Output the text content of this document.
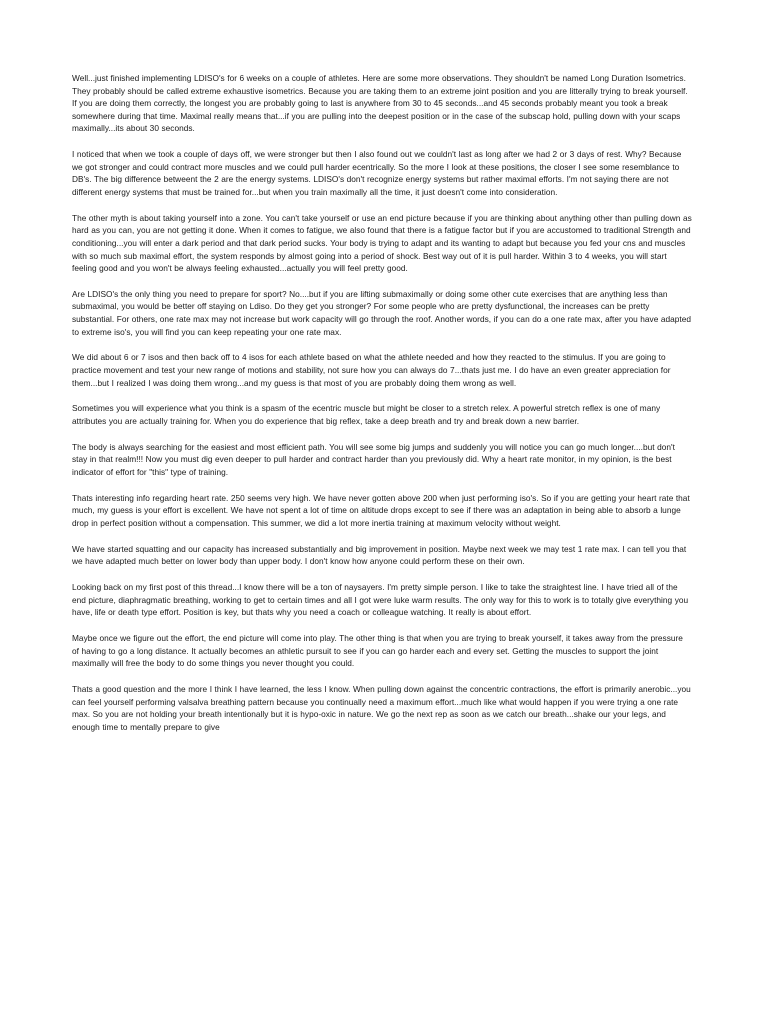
Well...just finished implementing LDISO's for 6 weeks on a couple of athletes. Here are some more observations. They shouldn't be named Long Duration Isometrics. They probably should be called extreme exhaustive isometrics. Because you are taking them to an extreme joint position and you are litterally trying to break yourself. If you are doing them correctly, the longest you are probably going to last is anywhere from 30 to 45 seconds...and 45 seconds probably meant you took a break somewhere during that time. Maximal really means that...if you are pulling into the deepest position or in the case of the subscap hold, pulling down with your scaps maximally...its about 30 seconds.

I noticed that when we took a couple of days off, we were stronger but then I also found out we couldn't last as long after we had 2 or 3 days of rest. Why? Because we got stronger and could contract more muscles and we could pull harder ecentrically. So the more I look at these positions, the closer I see some resemblance to DB's. The big difference betweent the 2 are the energy systems. LDISO's don't recognize energy systems but rather maximal efforts. I'm not saying there are not different energy systems that must be trained for...but when you train maximally all the time, it just doesn't come into consideration.

The other myth is about taking yourself into a zone. You can't take yourself or use an end picture because if you are thinking about anything other than pulling down as hard as you can, you are not getting it done. When it comes to fatigue, we also found that there is a fatigue factor but if you are accustomed to traditional Strength and conditioning...you will enter a dark period and that dark period sucks. Your body is trying to adapt and its wanting to adapt but because you fed your cns and muscles with so much sub maximal effort, the system responds by almost going into a period of shock. Best way out of it is pull harder. Within 3 to 4 weeks, you will start feeling good and you won't be always feeling exhausted...actually you will feel pretty good.

Are LDISO's the only thing you need to prepare for sport? No....but if you are lifting submaximally or doing some other cute exercises that are anything less than submaximal, you would be better off staying on Ldiso. Do they get you stronger? For some people who are pretty dysfunctional, the increases can be pretty substantial. For others, one rate max may not increase but work capacity will go through the roof. Another words, if you can do a one rate max, after you have adapted to extreme iso's, you will find you can keep repeating your one rate max.

We did about 6 or 7 isos and then back off to 4 isos for each athlete based on what the athlete needed and how they reacted to the stimulus. If you are going to practice movement and test your new range of motions and stability, not sure how you can always do 7...thats just me. I do have an even greater appreciation for them...but I realized I was doing them wrong...and my guess is that most of you are probably doing them wrong as well.

Sometimes you will experience what you think is a spasm of the ecentric muscle but might be closer to a stretch relex. A powerful stretch reflex is one of many attributes you are actually training for. When you do experience that big reflex, take a deep breath and try and break down a new barrier.

The body is always searching for the easiest and most efficient path. You will see some big jumps and suddenly you will notice you can go much longer....but don't stay in that realm!!! Now you must dig even deeper to pull harder and contract harder than you previously did. Why a heart rate monitor, in my opinion, is the best indicator of effort for "this" type of training.

Thats interesting info regarding heart rate. 250 seems very high. We have never gotten above 200 when just performing iso's. So if you are getting your heart rate that much, my guess is your effort is excellent. We have not spent a lot of time on altitude drops except to see if there was an adaptation in being able to absorb a lunge drop in perfect position without a compensation. This summer, we did a lot more inertia training at maximum velocity without weight.

We have started squatting and our capacity has increased substantially and big improvement in position. Maybe next week we may test 1 rate max. I can tell you that we have adapted much better on lower body than upper body. I don't know how anyone could perform these on their own.

Looking back on my first post of this thread...I know there will be a ton of naysayers. I'm pretty simple person. I like to take the straightest line. I have tried all of the end picture, diaphragmatic breathing, working to get to certain times and all I got were luke warm results. The only way for this to work is to totally give everything you have, life or death type effort. Position is key, but thats why you need a coach or colleague watching. It really is about effort.

Maybe once we figure out the effort, the end picture will come into play. The other thing is that when you are trying to break yourself, it takes away from the pressure of having to go a long distance. It actually becomes an athletic pursuit to see if you can go harder each and every set. Getting the muscles to support the joint maximally will free the body to do some things you never thought you could.

Thats a good question and the more I think I have learned, the less I know. When pulling down against the concentric contractions, the effort is primarily anerobic...you can feel yourself performing valsalva breathing pattern because you continually need a maximum effort...much like what would happen if you were trying a one rate max. So you are not holding your breath intentionally but it is hypo-oxic in nature. We go the next rep as soon as we catch our breath...shake our your legs, and enough time to mentally prepare to give
